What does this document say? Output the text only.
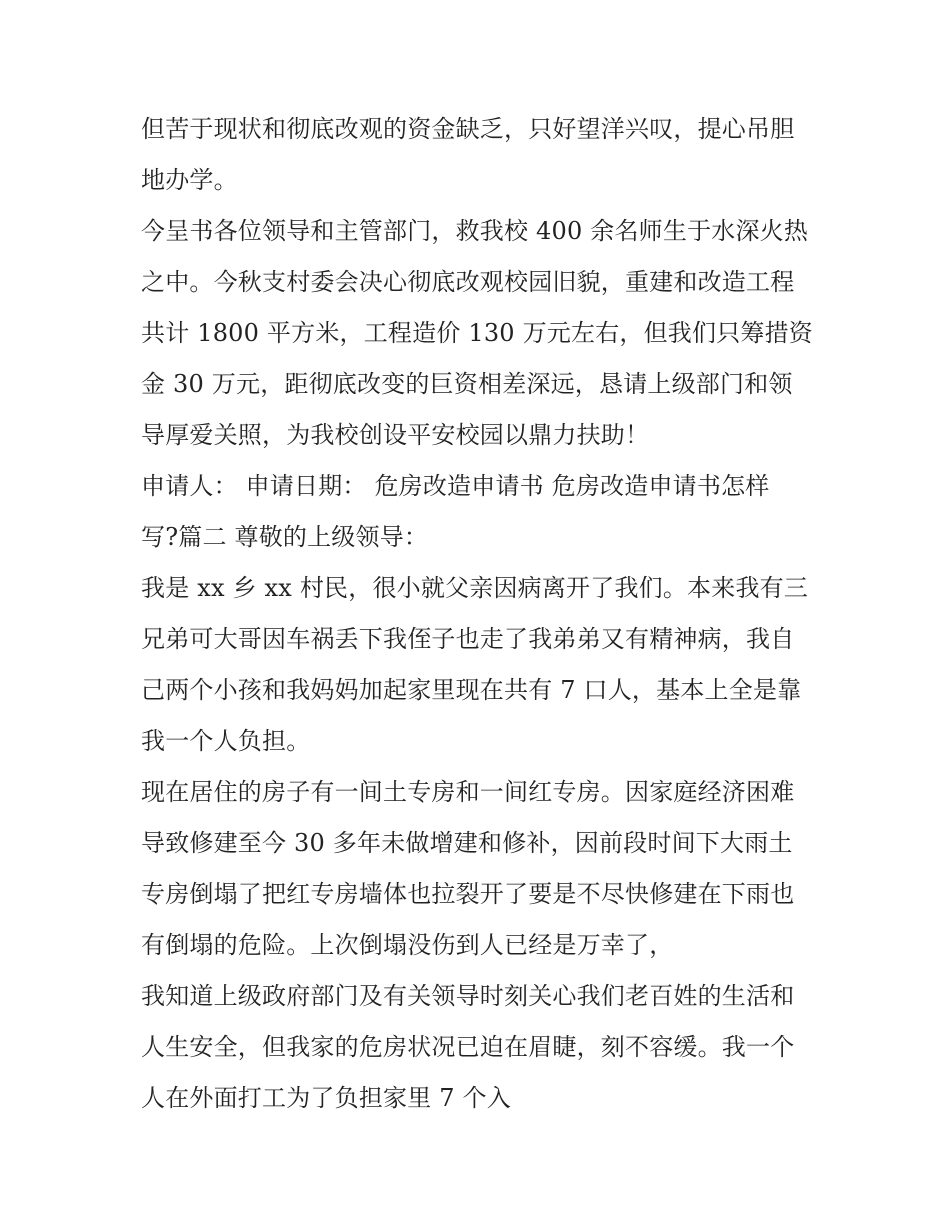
但苦于现状和彻底改观的资金缺乏，只好望洋兴叹，提心吊胆
地办学。
今呈书各位领导和主管部门，救我校 400 余名师生于水深火热
之中。今秋支村委会决心彻底改观校园旧貌，重建和改造工程
共计 1800 平方米，工程造价 130 万元左右，但我们只筹措资
金 30 万元，距彻底改变的巨资相差深远，恳请上级部门和领
导厚爱关照，为我校创设平安校园以鼎力扶助！
申请人： 申请日期： 危房改造申请书 危房改造申请书怎样
写?篇二 尊敬的上级领导：
我是 xx 乡 xx 村民，很小就父亲因病离开了我们。本来我有三
兄弟可大哥因车祸丢下我侄子也走了我弟弟又有精神病，我自
己两个小孩和我妈妈加起家里现在共有 7 口人，基本上全是靠
我一个人负担。
现在居住的房子有一间土专房和一间红专房。因家庭经济困难
导致修建至今 30 多年未做增建和修补，因前段时间下大雨土
专房倒塌了把红专房墙体也拉裂开了要是不尽快修建在下雨也
有倒塌的危险。上次倒塌没伤到人已经是万幸了，
我知道上级政府部门及有关领导时刻关心我们老百姓的生活和
人生安全，但我家的危房状况已迫在眉睫，刻不容缓。我一个
人在外面打工为了负担家里 7 个入
